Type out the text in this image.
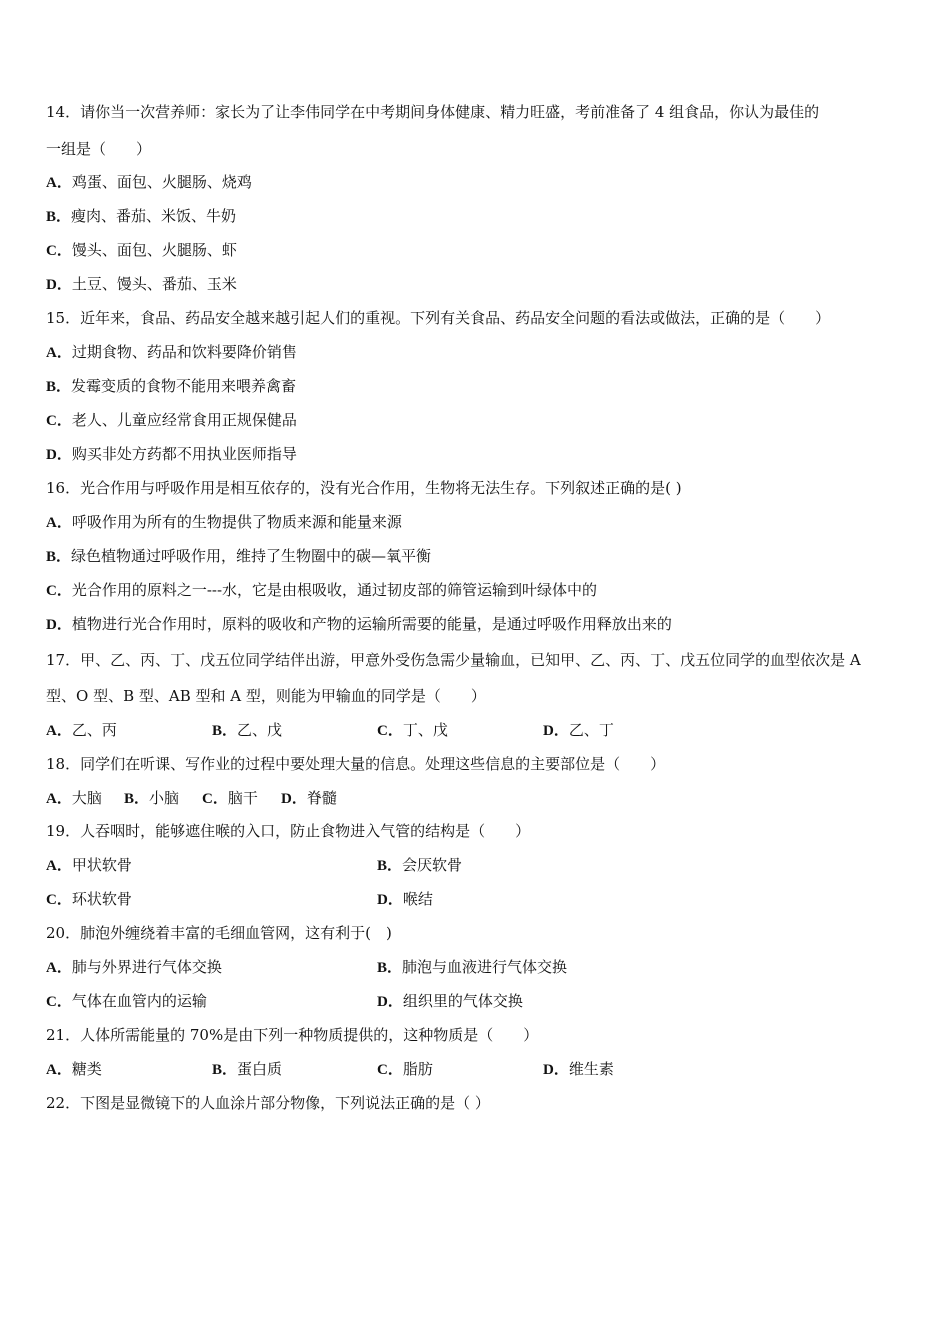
14．请你当一次营养师：家长为了让李伟同学在中考期间身体健康、精力旺盛，考前准备了 4 组食品，你认为最佳的
一组是（　　）
A．鸡蛋、面包、火腿肠、烧鸡
B．瘦肉、番茄、米饭、牛奶
C．馒头、面包、火腿肠、虾
D．土豆、馒头、番茄、玉米
15．近年来，食品、药品安全越来越引起人们的重视。下列有关食品、药品安全问题的看法或做法，正确的是（　　）
A．过期食物、药品和饮料要降价销售
B．发霉变质的食物不能用来喂养禽畜
C．老人、儿童应经常食用正规保健品
D．购买非处方药都不用执业医师指导
16．光合作用与呼吸作用是相互依存的，没有光合作用，生物将无法生存。下列叙述正确的是( )
A．呼吸作用为所有的生物提供了物质来源和能量来源
B．绿色植物通过呼吸作用，维持了生物圈中的碳—氧平衡
C．光合作用的原料之一---水，它是由根吸收，通过韧皮部的筛管运输到叶绿体中的
D．植物进行光合作用时，原料的吸收和产物的运输所需要的能量，是通过呼吸作用释放出来的
17．甲、乙、丙、丁、戊五位同学结伴出游，甲意外受伤急需少量输血，已知甲、乙、丙、丁、戊五位同学的血型依次是 A
型、O 型、B 型、AB 型和 A 型，则能为甲输血的同学是（　　）
A．乙、丙	B．乙、戊	C．丁、戊	D．乙、丁
18．同学们在听课、写作业的过程中要处理大量的信息。处理这些信息的主要部位是（　　）
A．大脑 B．小脑 C．脑干 D．脊髓
19．人吞咽时，能够遮住喉的入口，防止食物进入气管的结构是（　　）
A．甲状软骨	B．会厌软骨
C．环状软骨	D．喉结
20．肺泡外缠绕着丰富的毛细血管网，这有利于(　)
A．肺与外界进行气体交换	B．肺泡与血液进行气体交换
C．气体在血管内的运输	D．组织里的气体交换
21．人体所需能量的 70%是由下列一种物质提供的，这种物质是（　　）
A．糖类	B．蛋白质	C．脂肪	D．维生素
22．下图是显微镜下的人血涂片部分物像，下列说法正确的是（ ）
